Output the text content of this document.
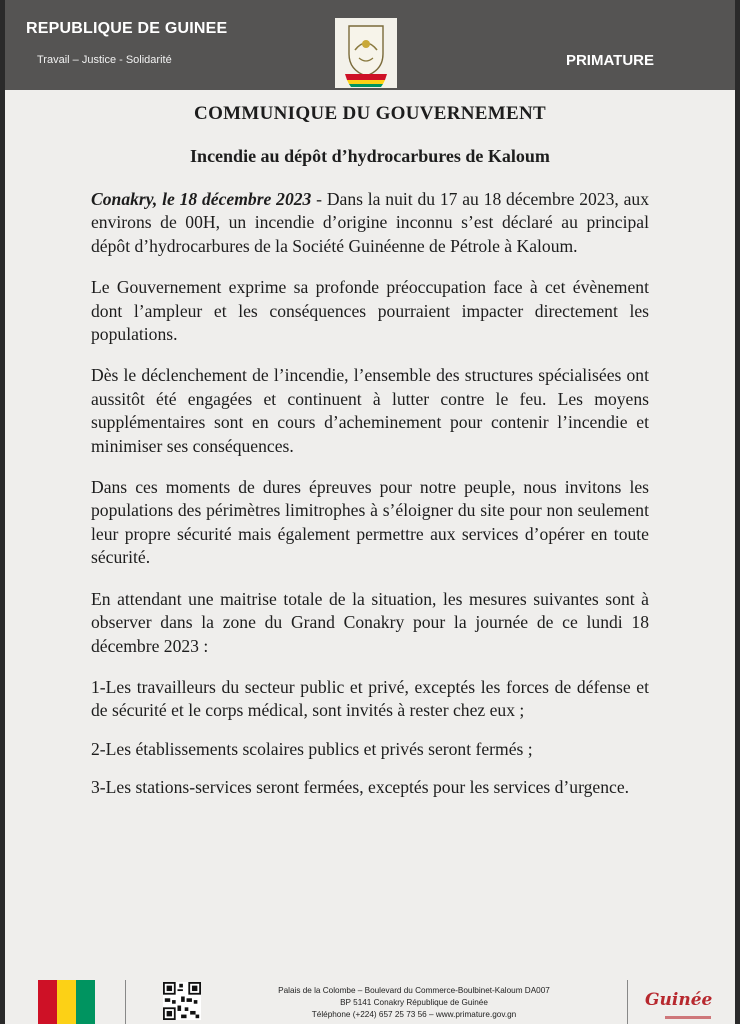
REPUBLIQUE DE GUINEE
Travail – Justice - Solidarité	PRIMATURE
COMMUNIQUE DU GOUVERNEMENT
Incendie au dépôt d’hydrocarbures de Kaloum

Conakry, le 18 décembre 2023 - Dans la nuit du 17 au 18 décembre 2023, aux environs de 00H, un incendie d’origine inconnu s’est déclaré au principal dépôt d’hydrocarbures de la Société Guinéenne de Pétrole à Kaloum.

Le Gouvernement exprime sa profonde préoccupation face à cet évènement dont l’ampleur et les conséquences pourraient impacter directement les populations.

Dès le déclenchement de l’incendie, l’ensemble des structures spécialisées ont aussitôt été engagées et continuent à lutter contre le feu. Les moyens supplémentaires sont en cours d’acheminement pour contenir l’incendie et minimiser ses conséquences.

Dans ces moments de dures épreuves pour notre peuple, nous invitons les populations des périmètres limitrophes à s’éloigner du site pour non seulement leur propre sécurité mais également permettre aux services d’opérer en toute sécurité.

En attendant une maitrise totale de la situation, les mesures suivantes sont à observer dans la zone du Grand Conakry pour la journée de ce lundi 18 décembre 2023 :

1-Les travailleurs du secteur public et privé, exceptés les forces de défense et de sécurité et le corps médical, sont invités à rester chez eux ;

2-Les établissements scolaires publics et privés seront fermés ;

3-Les stations-services seront fermées, exceptés pour les services d’urgence.

Palais de la Colombe – Boulevard du Commerce-Boulbinet-Kaloum DA007
BP 5141 Conakry République de Guinée
Téléphone (+224) 657 25 73 56 – www.primature.gov.gn
Guinée
